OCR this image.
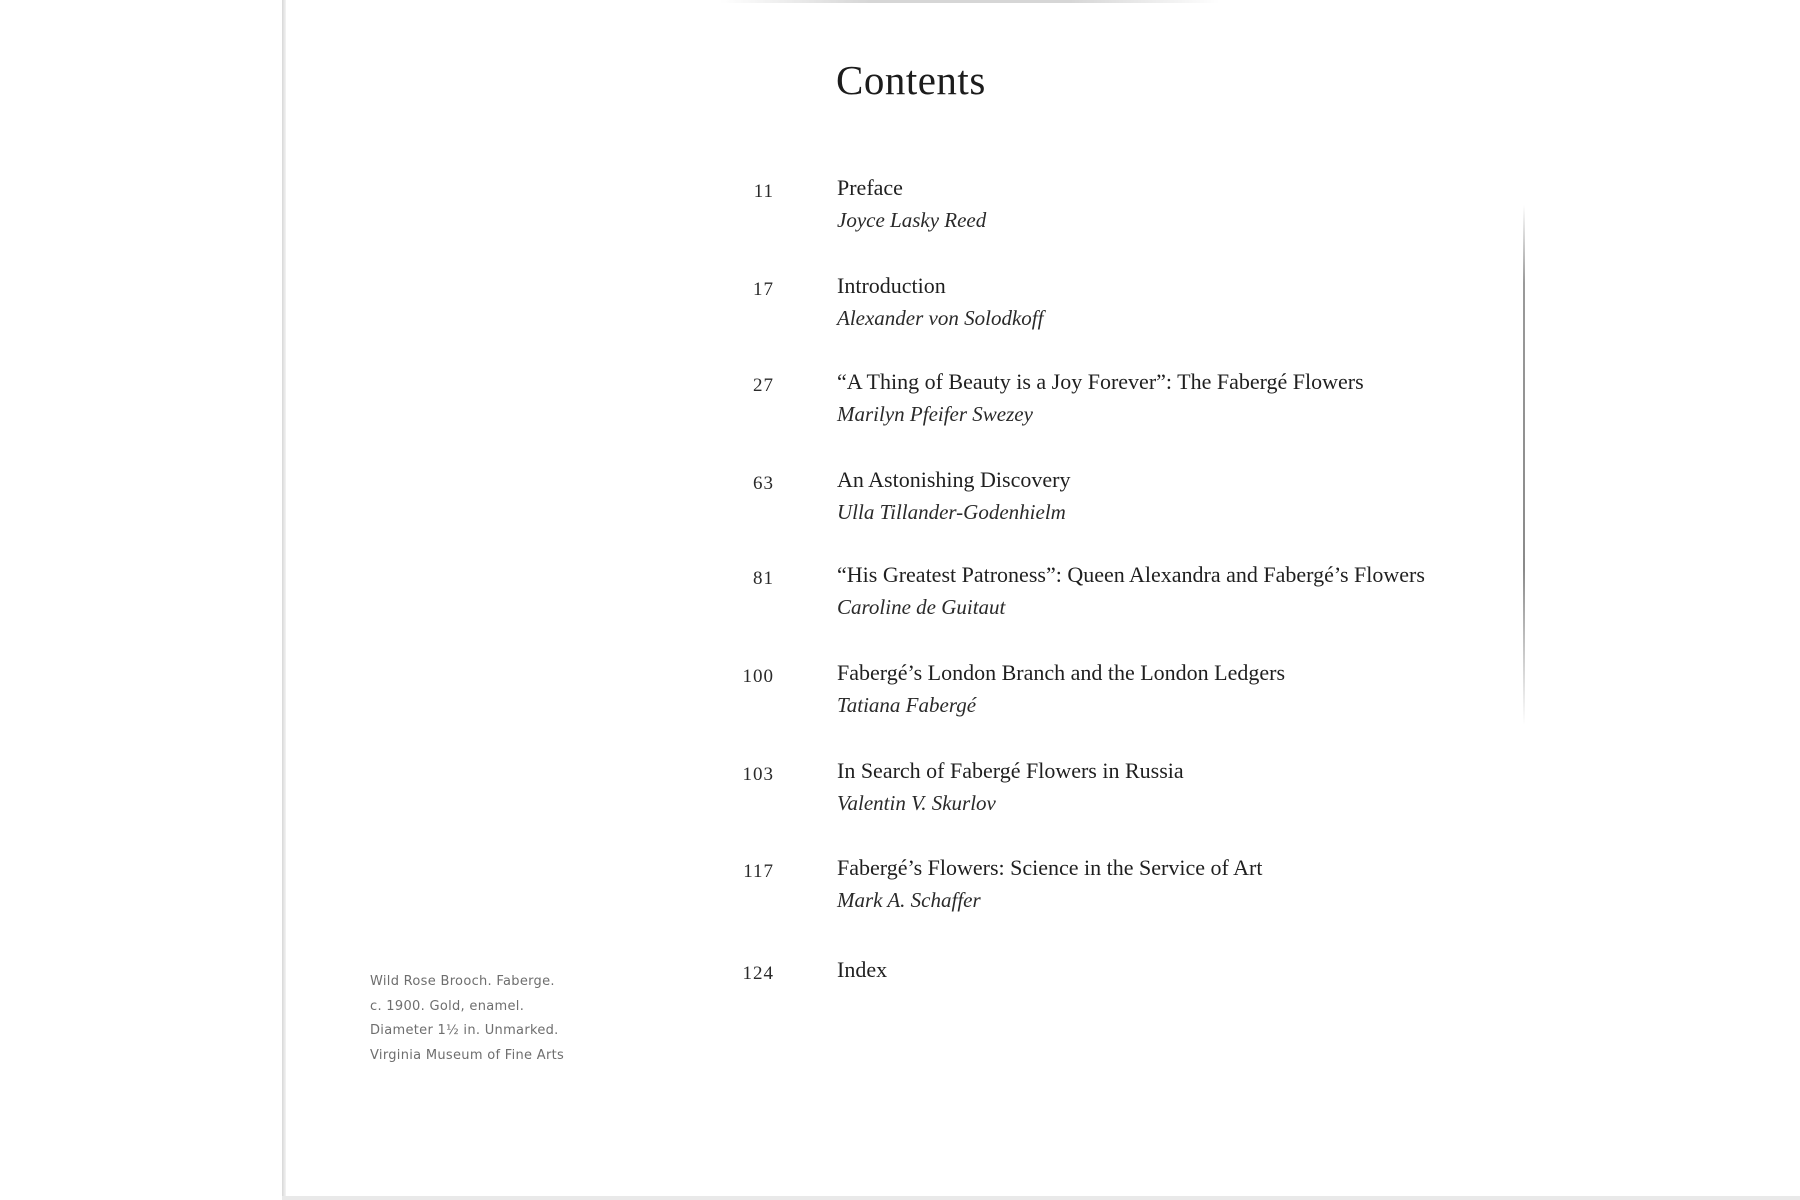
Contents
11	Preface
Joyce Lasky Reed
17	Introduction
Alexander von Solodkoff
27	“A Thing of Beauty is a Joy Forever”: The Fabergé Flowers
Marilyn Pfeifer Swezey
63	An Astonishing Discovery
Ulla Tillander-Godenhielm
81	“His Greatest Patroness”: Queen Alexandra and Fabergé’s Flowers
Caroline de Guitaut
100	Fabergé’s London Branch and the London Ledgers
Tatiana Fabergé
103	In Search of Fabergé Flowers in Russia
Valentin V. Skurlov
117	Fabergé’s Flowers: Science in the Service of Art
Mark A. Schaffer
124	Index
Wild Rose Brooch. Faberge.
c. 1900. Gold, enamel.
Diameter 1½ in. Unmarked.
Virginia Museum of Fine Arts
